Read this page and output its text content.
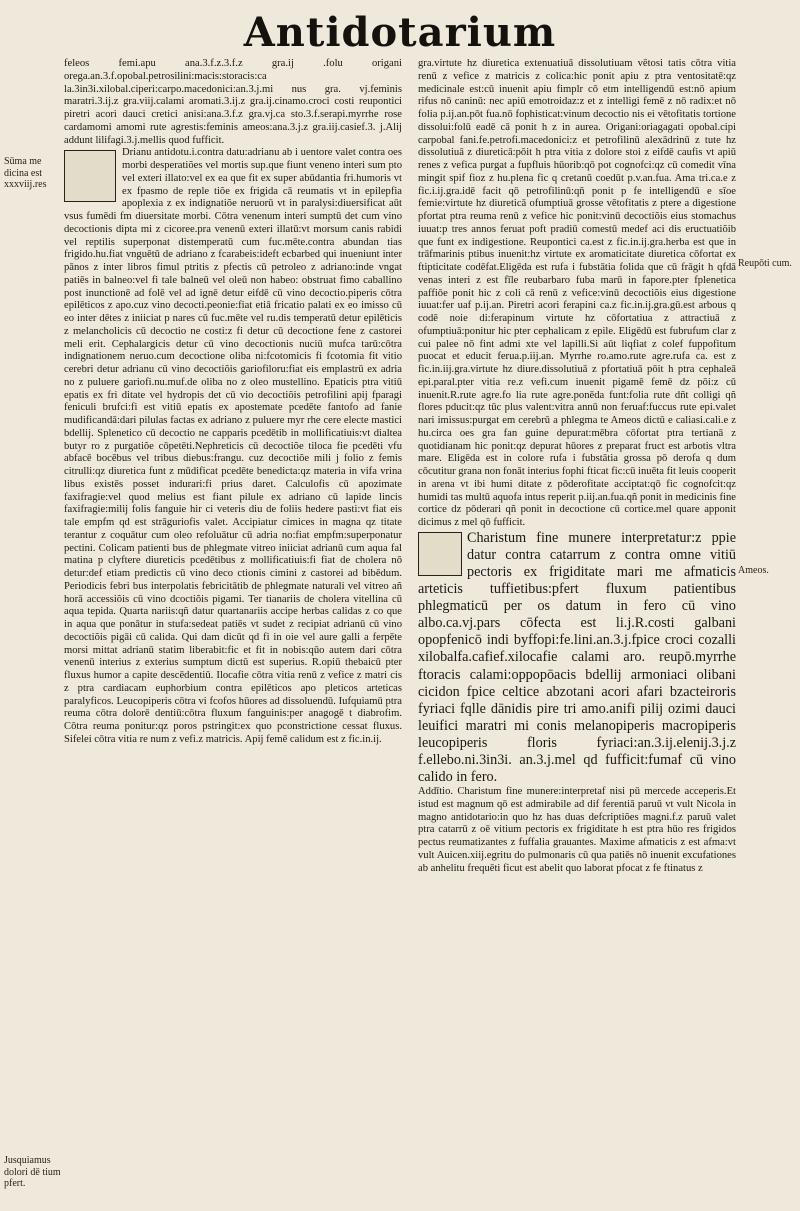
Antidotarium

feleos femi.apu ana.3.f.z.3.f.z gra.ij .folu origani orega.an.3.f.opobal.petrosilini:macis:storacis:ca la.3in3i.xilobal.ciperi:carpo.macedonici:an.3.j.mi nus gra. vj.feminis maratri.3.ij.z gra.viij.calami aromati.3.ij.z gra.ij.cinamo.croci costi reupontici piretri acori dauci cretici anisi:ana.3.f.z gra.vj.ca sto.3.f.serapi.myrrhe rose cardamomi amomi rute agrestis:feminis ameos:ana.3.j.z gra.iij.casief.3. j.Alij addunt lilifagi.3.j.mellis quod fufficit.

Drianu antidotu.i.contra datu:adrianu ab i uentore valet contra oes morbi desperatiões vel mortis sup.que fiunt veneno interi sum pto vel exteri illato:vel ex ea que fit ex super abūdantia fri.humoris vt ex fpasmo de reple tiõe ex frigida cā reumatis vt in epilepfia apoplexia z ex indignatiõe neruorū vt in paralysi:diuersificat aūt vsus fumēdi fm diuersitate morbi. Cōtra venenum interi sumptū det cum vino decoctionis dipta mi z cicoree.pra venenū exteri illatū:vt morsum canis rabidi vel reptilis superponat distemperatū cum fuc.mēte.contra abundan tias frigido.hu.fiat vnguētū de adriano z fcarabeis:ideft ecbarbed qui inueniunt inter pānos z inter libros fimul ptritis z pfectis cū petroleo z adriano:inde vngat patiēs in balneo:vel fi tale balneū vel oleū non habeo: obstruat fimo caballino post inunctionē ad folē vel ad ignē detur eifdē cū vino decoctio.piperis cōtra epilēticos z apo.cuz vino decocti.peonie:fiat etiā fricatio palati ex eo imisso cū eo inter dētes z iniiciat p nares cū fuc.mēte vel ru.dis temperatū detur epilēticis z melancholicis cū decoctio ne costi:z fi detur cū decoctione fene z castorei meli erit. Cephalargicis detur cū vino decoctionis nuciū mufca tarū:cōtra indignationem neruo.cum decoctione oliba ni:fcotomicis fi fcotomia fit vitio cerebri detur adrianu cū vino decoctiõis gariofiloru:fiat eis emplastrū ex adria no z puluere gariofi.nu.muf.de oliba no z oleo mustellino. Epaticis ptra vitiū epatis ex fri ditate vel hydropis det cū vio decoctiõis petrofilini apij fparagi feniculi brufci:fi est vitiū epatis ex apostemate pcedēte fantofo ad fanie mudificandā:dari pilulas factas ex adriano z puluere myr rhe cere electe mastici bdellij. Splenetico cū decoctio ne capparis pcedētib in mollificatiuis:vt dialtea butyr ro z purgatiõe cōpetēti.Nephreticis cū decoctiõe tiloca fie pcedēti vfu abfacē bocēbus vel tribus diebus:frangu. cuz decoctiõe mili j folio z femis citrulli:qz diuretica funt z mūdificat pcedēte benedicta:qz materia in vifa vrina libus existēs posset indurari:fi prius daret. Calculofis cū apozimate faxifragie:vel quod melius est fiant pilule ex adriano cū lapide lincis faxifragie:milij folis fanguie hir ci veteris diu de foliis hedere pasti:vt fiat eis tale empfm qd est strāguriofis valet. Accipiatur cimices in magna qz titate terantur z coquātur cum oleo refoluātur cū adria no:fiat empfm:superponatur pectini. Colicam patienti bus de phlegmate vitreo iniiciat adrianū cum aqua fal matina p clyftere diureticis pcedētibus z mollificatiuis:fi fiat de cholera nō detur:def etiam predictis cū vino deco ctionis cimini z castorei ad bibēdum. Periodicis febri bus interpolatis febricitātib de phlegmate naturali vel vitreo añ horā accessiõis cū vino dcoctiõis pigami. Ter tianariis de cholera vitellina cū aqua tepida. Quarta nariis:qñ datur quartanariis accipe herbas calidas z co que in aqua que ponātur in stufa:sedeat patiēs vt sudet z recipiat adrianū cū vino decoctiõis pigāi cū calida. Qui dam dicūt qd fi in oie vel aure galli a ferpēte morsi mittat adrianū statim liberabit:fic et fit in nobis:qūo autem dari cōtra venenū interius z exterius sumptum dictū est superius. R.opiū thebaicū pter fluxus humor a capite descēdentiū. Ilocafie cōtra vitia renū z vefice z matri cis z ptra cardiacam euphorbium contra epilēticos apo pleticos arteticas paralyficos. Leucopiperis cōtra vi fcofos hūores ad dissoluendū. Iufquiamū ptra reuma cōtra dolorē dentiū:cōtra fluxum fanguinis:per anagogē t diabrofim. Cōtra reuma ponitur:qz poros pstringit:ex quo pconstrictione cessat fluxus. Sifelei cōtra vitia re num z vefi.z matricis. Apij femē calidum est z fic.in.ij.

gra.virtute hz diuretica extenuatiuā dissolutiuam vētosi tatis cōtra vitia renū z vefice z matricis z colica:hic ponit apiu z ptra ventositatē:qz medicinale est:cū inuenit apiu fimplr cō etm intelligendū est:nō apium rifus nō caninū: nec apiū emotroidaz:z et z intelligi femē z nō radix:et nō folia p.ij.an.pōt fua.nō fophisticat:vinum decoctio nis ei vētofitatis tortione dissolui:folū eadē cā ponit h z in aurea. Origani:oriagagati opobal.cipi carpobal fani.fe.petrofi.macedonici:z et petrofilinū alexādrinū z tute hz dissolutiuā z diureticā:pōit h ptra vitia z dolore stoi z eifdē caufis vt apiū renes z vefica purgat a fupfluis hūorib:qō pot cognofci:qz cū comedit vīna mingit spif fioz z hu.plena fic q cretanū coedūt p.v.an.fua. Ama tri.ca.e z fic.i.ij.gra.idē facit qō petrofilinū:qñ ponit p fe intelligendū e sīoe femie:virtute hz diureticā ofumptiuā grosse vētofitatis z ptere a digestione pfortat ptra reuma renū z vefice hic ponit:vinū decoctiõis eius stomachus iuuat:p tres annos feruat poft pradiū comestū medef aci dis eructuatiõib que funt ex indigestione. Reupontici ca.est z fic.in.ij.gra.herba est que in trāfmarinis ptibus inuenit:hz virtute ex aromaticitate diuretica cōfortat ex ftipticitate codēfat.Eligēda est rufa i fubstātia folida que cū frāgit h qfdā venas interi z est fīle reubarbaro fuba marū in fapore.pter fplenetica paffiōe ponit hic z coli cā renū z vefice:vinū decoctiõis eius digestione iuuat:fer uaf p.ij.an. Piretri acori ferapini ca.z fic.in.ij.gra.gū.est arbous q codē noie di:ferapinum virtute hz cōfortatiua z attractiuā z ofumptiuā:ponitur hic pter cephalicam z epile. Eligēdū est fubrufum clar z cui palee nō fint admi xte vel lapilli.Si aūt liqfiat z colef fuppofitum puocat et educit ferua.p.iij.an. Myrrhe ro.amo.rute agre.rufa ca. est z fic.in.iij.gra.virtute hz diure.dissolutiuā z pfortatiuā pōit h ptra cephaleā epi.paral.pter vitia re.z vefi.cum inuenit pigamē femē dz pōi:z cū inuenit.R.rute agre.fo lia rute agre.ponēda funt:folia rute dñt colligi qñ flores pducit:qz tūc plus valent:vitra annū non feruaf:fuccus rute epi.valet nari imissus:purgat em cerebrū a phlegma te Ameos dictū e caliasi.cali.e z hu.circa oes gra fan guine depurat:mēbra cōfortat ptra tertianā z quotidianam hic ponit:qz depurat hūores z preparat fruct est arbotis vltra mare. Eligēda est in colore rufa i fubstātia grossa pō derofa q dum cōcutitur grana non fonāt interius fophi fticat fic:cū inuēta fit leuis cooperit in arena vt ibi humi ditate z pōderofitate acciptat:qō fic cognofcit:qz humidi tas multū aquofa intus reperit p.iij.an.fua.qñ ponit in medicinis fine cortice dz pōderari qñ ponit in decoctione cū cortice.mel quare apponit dicimus z mel qō fufficit.

Charistum fine munere interpretatur:z ppie datur contra catarrum z contra omne vitiū pectoris ex frigiditate mari me afmaticis arteticis tuffietibus:pfert fluxum patientibus phlegmaticū per os datum in fero cū vino albo.ca.vj.pars cōfecta est li.j.R.costi galbani opopfenicō indi byffopi:fe.lini.an.3.j.fpice croci cozalli xilobalfa.cafief.xilocafie calami aro. reupō.myrrhe ftoracis calami:oppopōacis bdellij armoniaci olibani cicidon fpice celtice abzotani acori afari bzacteiroris fyriaci fqlle dānidis pire tri amo.anifi pilij ozimi dauci leuifici maratri mi conis melanopiperis macropiperis leucopiperis floris fyriaci:an.3.ij.elenij.3.j.z f.ellebo.ni.3in3i. an.3.j.mel qd fufficit:fumaf cū vino calido in fero.

Addītio. Charistum fine munere:interpretaf nisi pū mercede acceperis.Et istud est magnum qō est admirabile ad dif ferentiā paruū vt vult Nicola in magno antidotario:in quo hz has duas defcriptiões magni.f.z paruū valet ptra catarrū z oē vitium pectoris ex frigiditate h est ptra hūo res frigidos pectus reumatizantes z fuffalia grauantes. Maxime afmaticis z est afma:vt vult Auicen.xiij.egritu do pulmonaris cū qua patiēs nō inuenit excufationes ab anhelitu frequēti ficut est abelit quo laborat pfocat z fe ftinatus z

Sūma me dicina est xxxviij.res
Jusquiamus dolori dē tium pfert.
Reupōti cum.
Ameos.
